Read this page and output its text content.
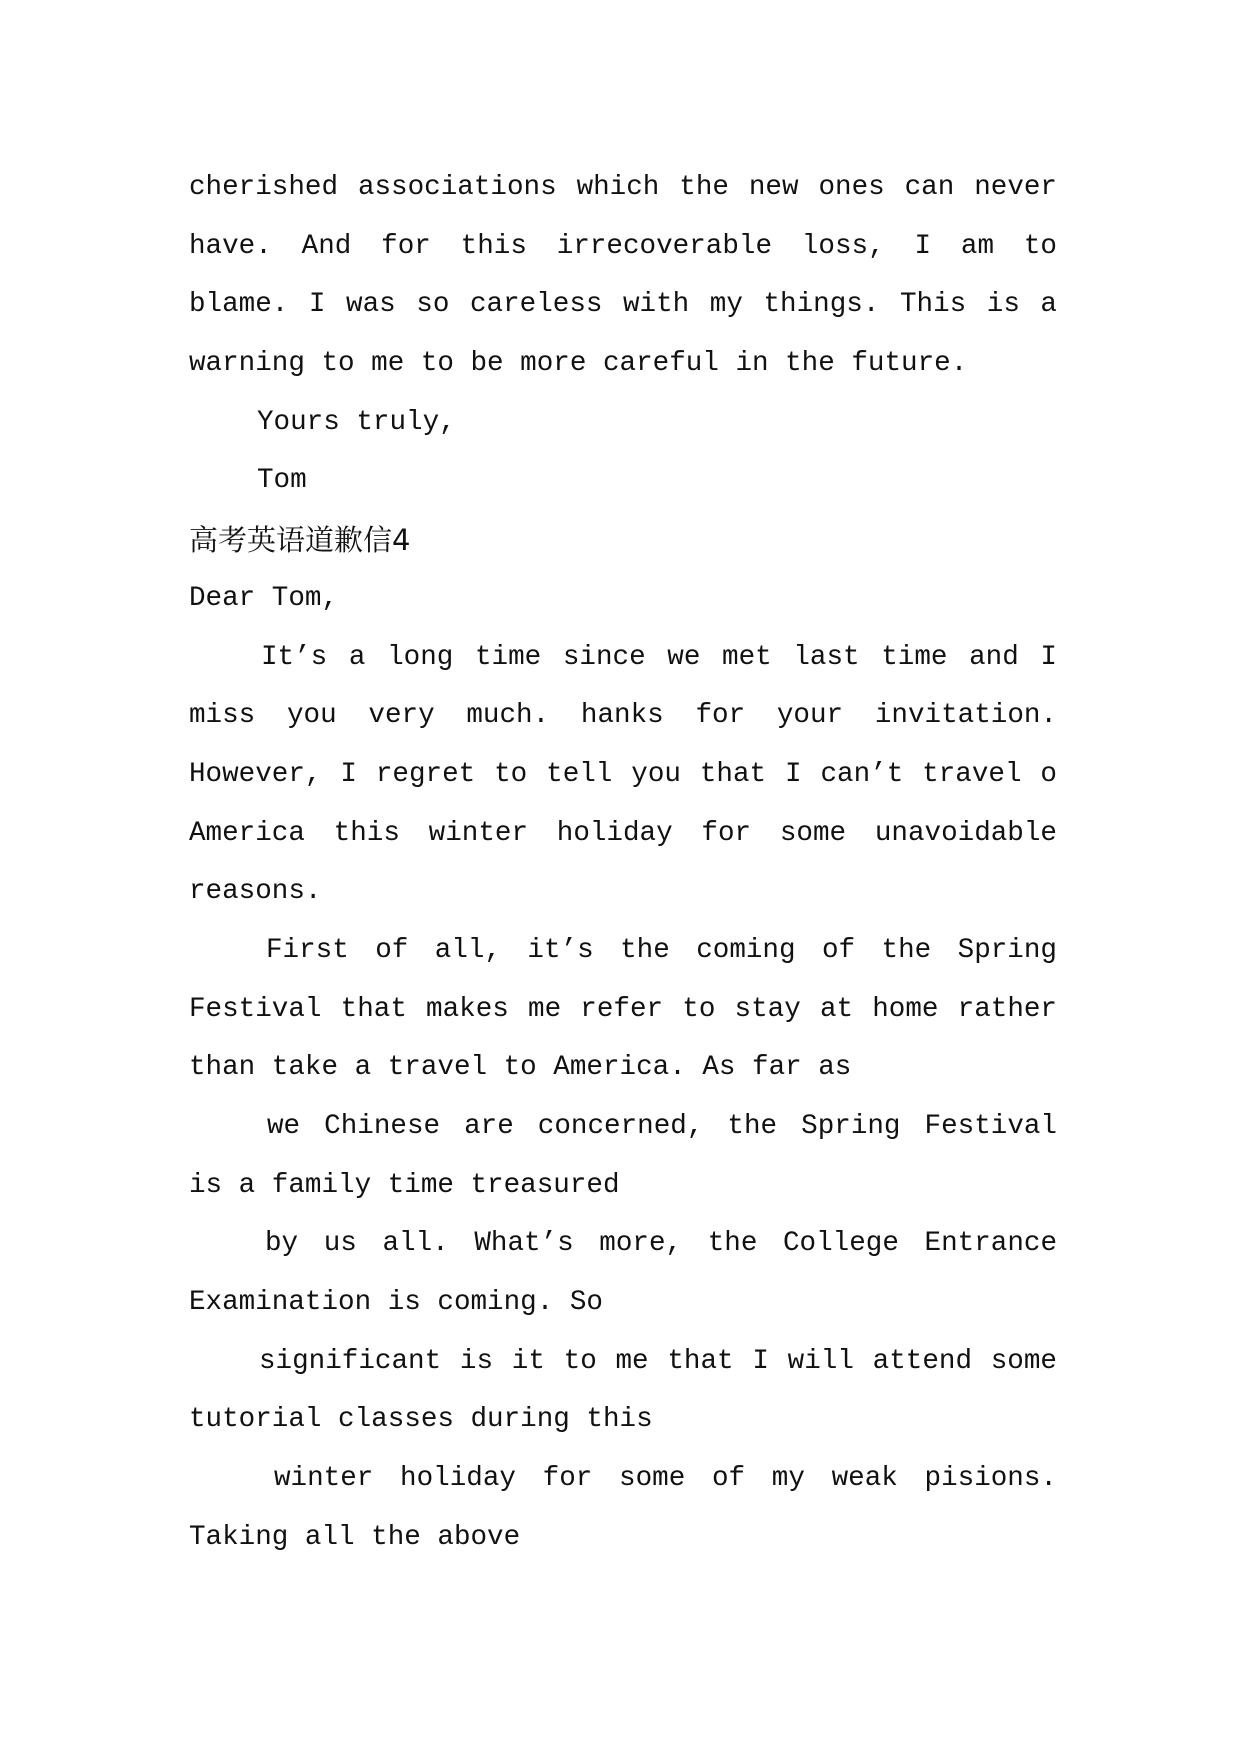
cherished associations which the new ones can never
have. And for this irrecoverable loss, I am to
blame. I was so careless with my things. This is a
warning to me to be more careful in the future.
Yours truly,
Tom
高考英语道歉信4
Dear Tom,
It’s a long time since we met last time and I
miss you very much. hanks for your invitation.
However, I regret to tell you that I can’t travel o
America this winter holiday for some unavoidable
reasons.
First of all, it’s the coming of the Spring
Festival that makes me refer to stay at home rather
than take a travel to America. As far as
we Chinese are concerned, the Spring Festival
is a family time treasured
by us all. What’s more, the College Entrance
Examination is coming. So
significant is it to me that I will attend some
tutorial classes during this
winter holiday for some of my weak pisions.
Taking all the above
